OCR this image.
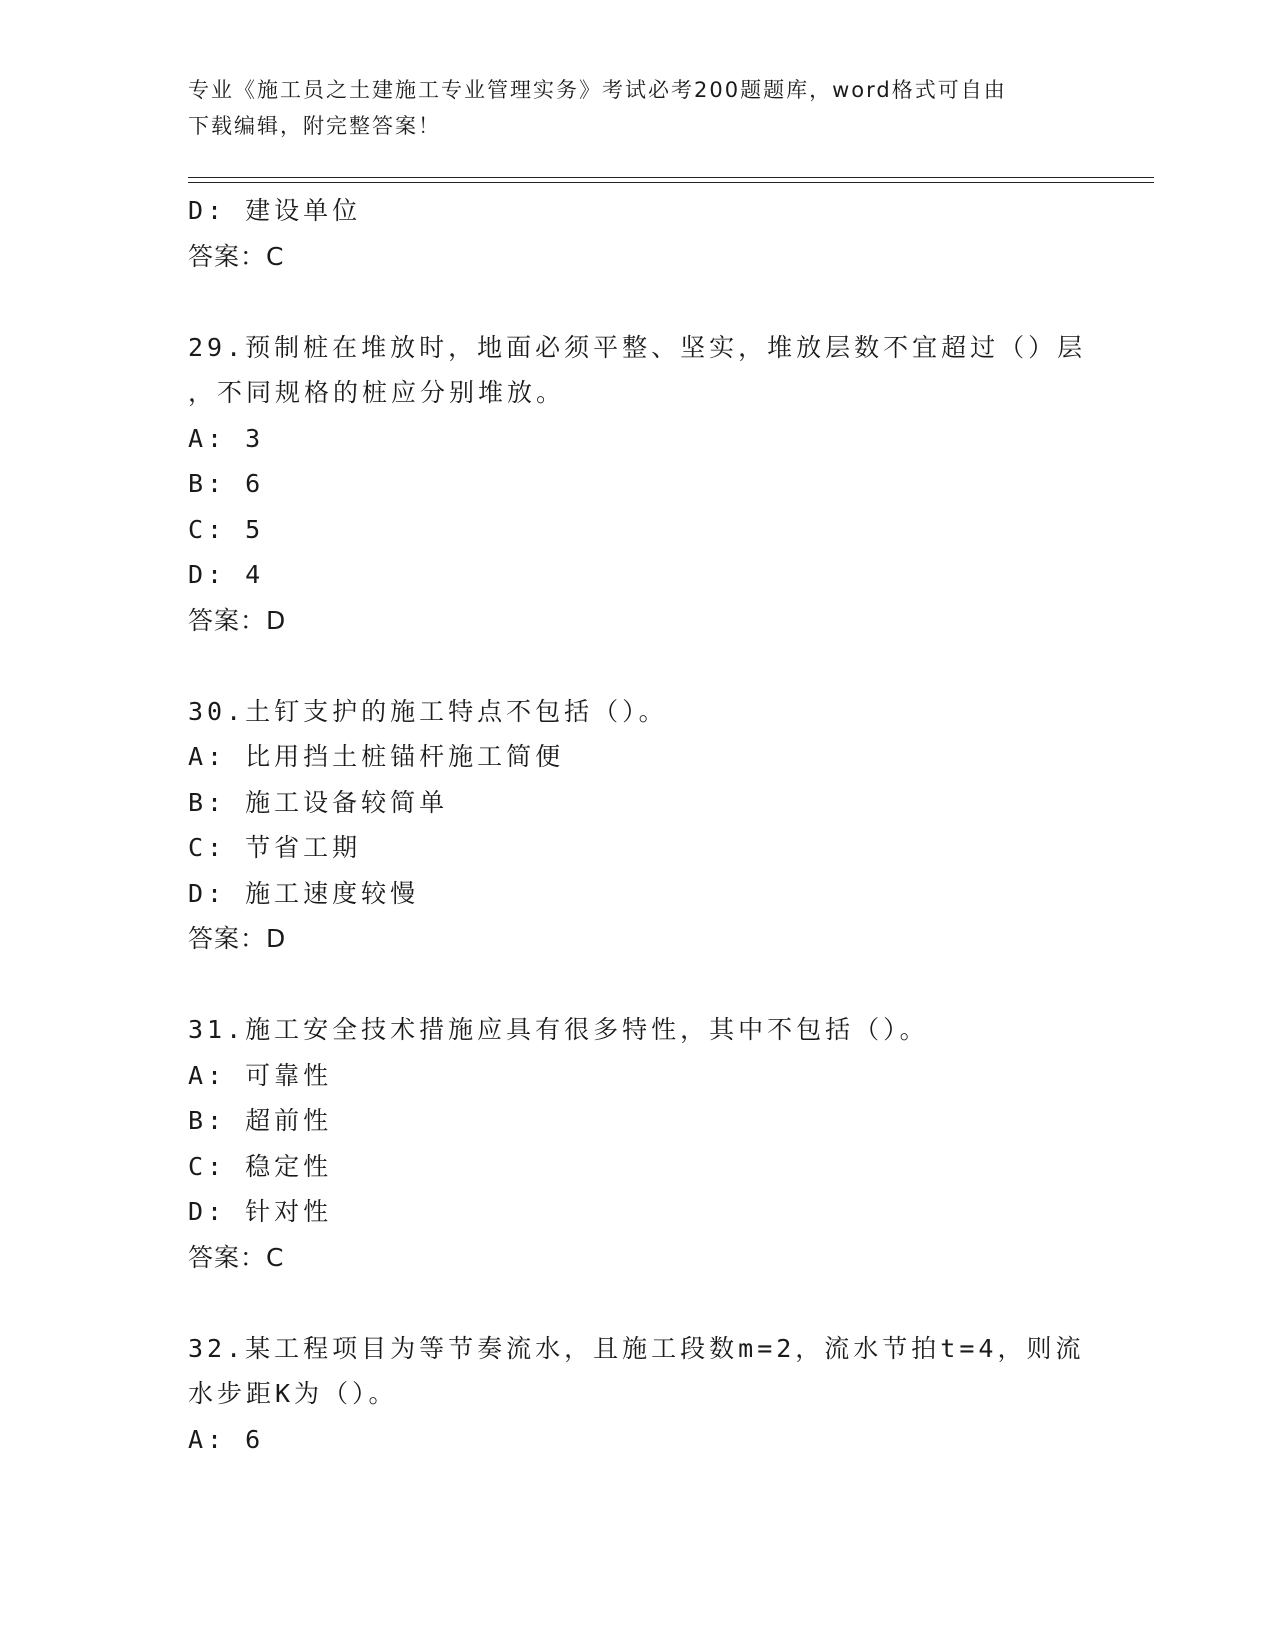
专业《施工员之土建施工专业管理实务》考试必考200题题库，word格式可自由
下载编辑，附完整答案！
D: 建设单位
答案：C
29.预制桩在堆放时，地面必须平整、坚实，堆放层数不宜超过（）层
，不同规格的桩应分别堆放。
A: 3
B: 6
C: 5
D: 4
答案：D
30.土钉支护的施工特点不包括（）。
A: 比用挡土桩锚杆施工简便
B: 施工设备较简单
C: 节省工期
D: 施工速度较慢
答案：D
31.施工安全技术措施应具有很多特性，其中不包括（）。
A: 可靠性
B: 超前性
C: 稳定性
D: 针对性
答案：C
32.某工程项目为等节奏流水，且施工段数m=2，流水节拍t=4，则流
水步距K为（）。
A: 6
